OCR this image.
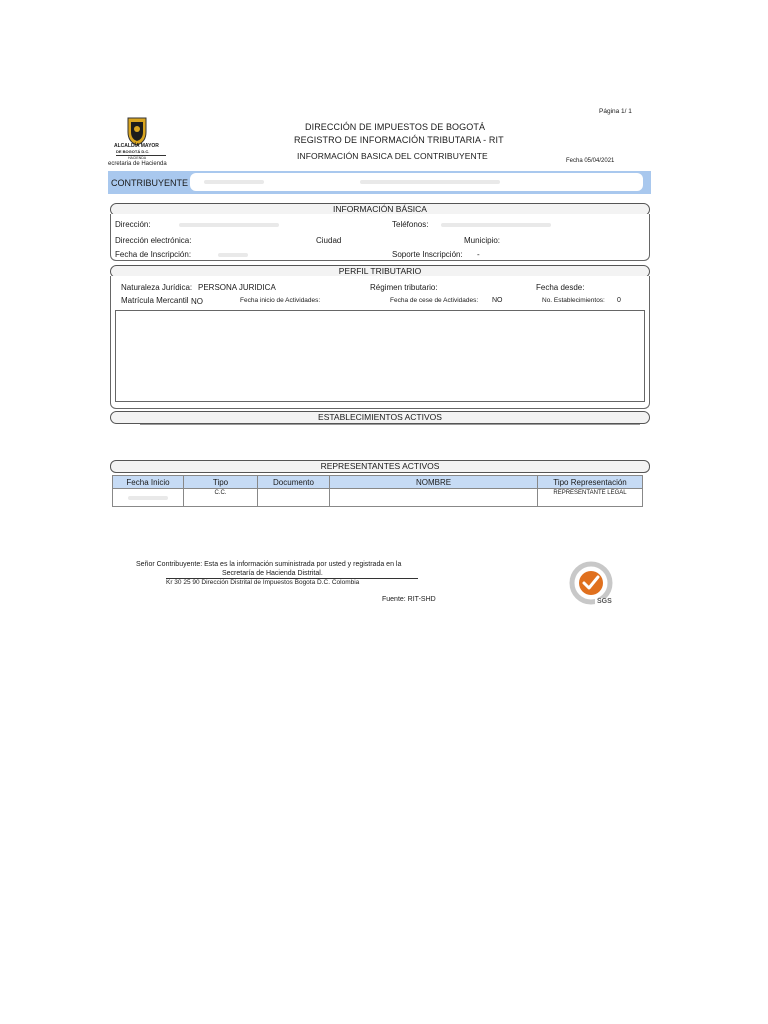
ALCALDÍA MAYOR
DE BOGOTÁ D.C.
HACIENDA
ecretaria de Hacienda
Página 1/ 1
DIRECCIÓN DE IMPUESTOS DE BOGOTÁ
REGISTRO DE INFORMACIÓN TRIBUTARIA - RIT
INFORMACIÓN BASICA DEL CONTRIBUYENTE	Fecha 05/04/2021
CONTRIBUYENTE
INFORMACIÓN BÁSICA
Dirección:	Teléfonos:
Dirección electrónica:	Ciudad	Municipio:
Fecha de Inscripción:	Soporte Inscripción: -
PERFIL TRIBUTARIO
Naturaleza Jurídica: PERSONA JURIDICA	Régimen tributario:	Fecha desde:
Matrícula Mercantil NO	Fecha inicio de Actividades:	Fecha de cese de Actividades: NO	No. Establecimientos: 0
ESTABLECIMIENTOS ACTIVOS
REPRESENTANTES ACTIVOS
Fecha Inicio	Tipo	Documento	NOMBRE	Tipo Representación
	C.C.			REPRESENTANTE LEGAL
Señor Contribuyente: Esta es la información suministrada por usted y registrada en la
Secretaría de Hacienda Distrital.
Kr 30 25 90 Dirección Distrital de Impuestos Bogota D.C. Colombia
Fuente: RIT-SHD	SGS
